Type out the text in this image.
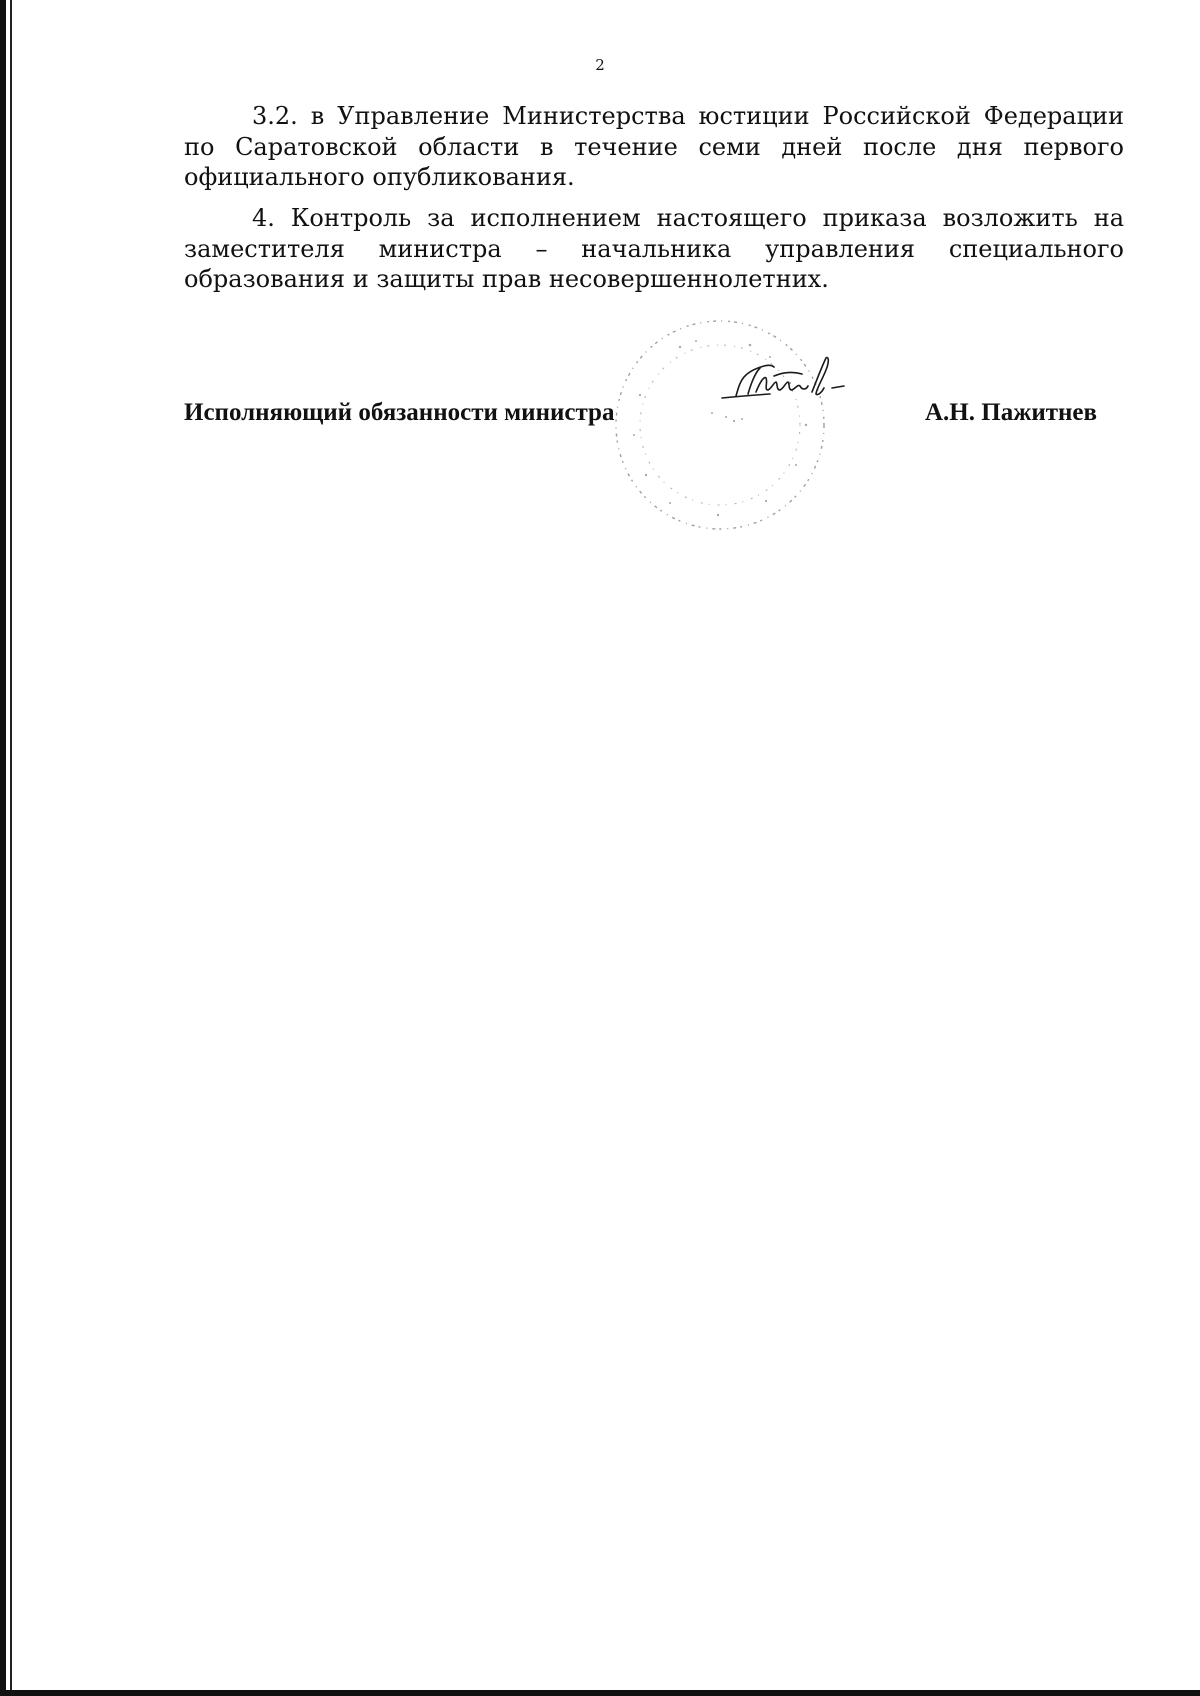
2

3.2. в Управление Министерства юстиции Российской Федерации по Саратовской области в течение семи дней после дня первого официального опубликования.

4. Контроль за исполнением настоящего приказа возложить на заместителя министра – начальника управления специального образования и защиты прав несовершеннолетних.

Исполняющий обязанности министра	А.Н. Пажитнев
